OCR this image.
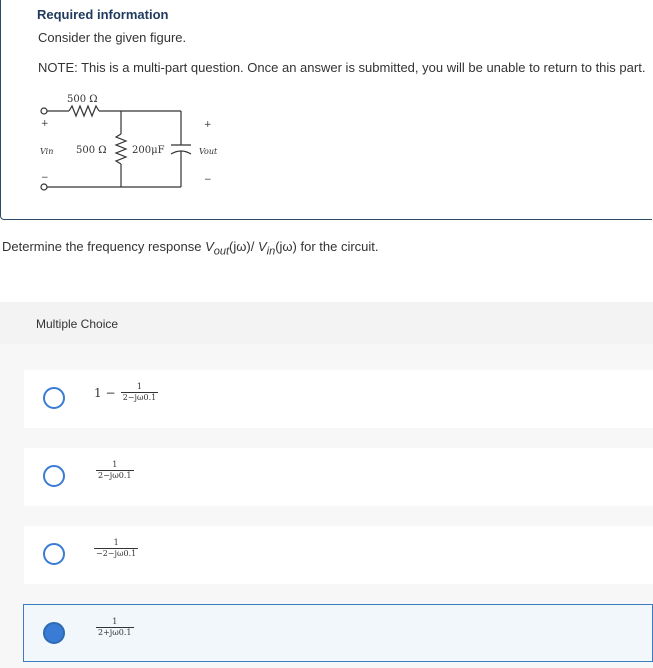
Required information
Consider the given figure.
NOTE: This is a multi-part question. Once an answer is submitted, you will be unable to return to this part.
500 Ω
500 Ω	200μF
Vin	Vout
+
−
+
−
Determine the frequency response $V_{out}(j\omega)/$ $V_{in}(j\omega)$ for the circuit.
Multiple Choice
$1 - \frac{1}{2-j\omega 0.1}$
$\frac{1}{2-j\omega 0.1}$
$\frac{1}{-2-j\omega 0.1}$
$\frac{1}{2+j\omega 0.1}$
